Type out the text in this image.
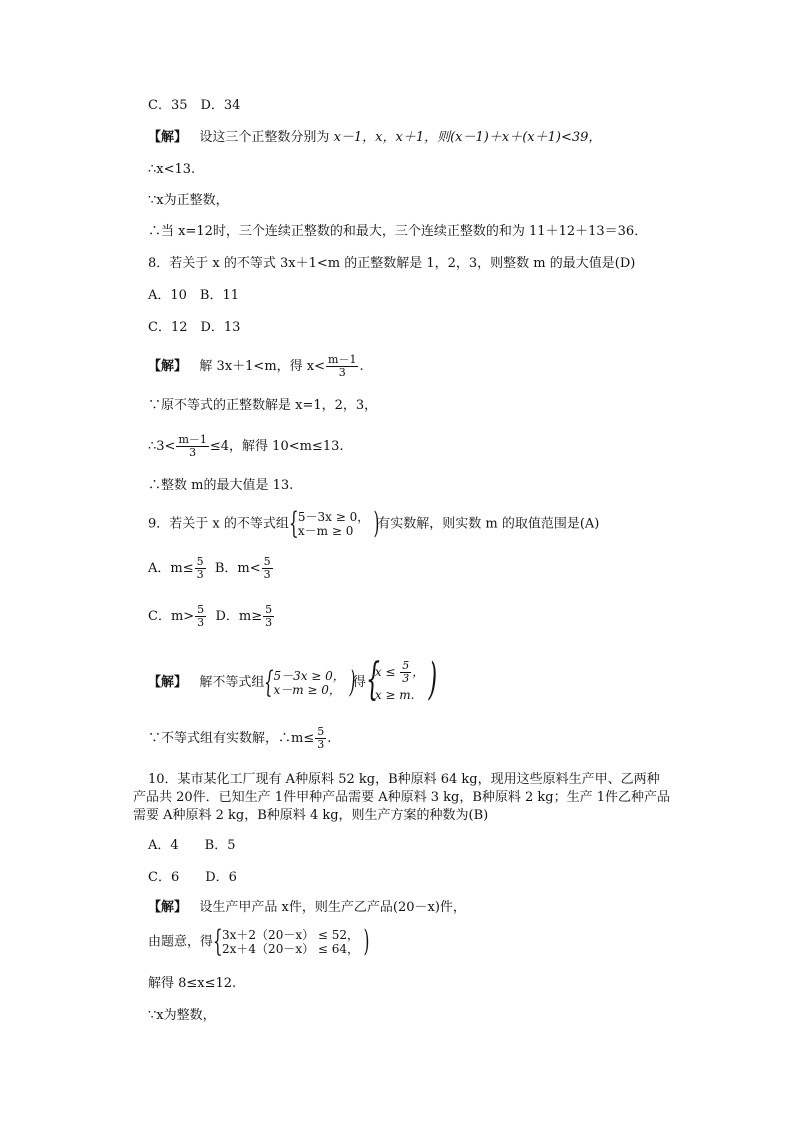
C．35　D．34
【解】 设这三个正整数分别为 x－1，x，x＋1，则(x－1)＋x＋(x＋1)<39，
∴x<13.
∵x为正整数，
∴当 x=12时，三个连续正整数的和最大，三个连续正整数的和为 11＋12＋13＝36．
8．若关于 x 的不等式 3x＋1<m 的正整数解是 1，2，3，则整数 m 的最大值是(D)
A．10　B．11
C．12　D．13
【解】 解 3x＋1<m，得 $x< \frac{m-1}{3}$ .
∵原不等式的正整数解是 x=1，2，3，
∴3< $\frac{m-1}{3} \le 4$，解得 10<m≤13.
∴整数 m的最大值是 13.
9．若关于 x 的不等式组 { 5－3x ≥ 0，
x－m ≥ 0 )
有实数解，则实数 m 的取值范围是(A)
A．$m\le \frac{5}{3}$ B．$m< \frac{5}{3}$
C．$m> \frac{5}{3}$ D．$m\ge \frac{5}{3}$
【解】 解不等式组 { 5－3x ≥ 0，
x－m ≥ 0， )
得 {
$x \le \frac{5}{3}$ ，
x ≥ m. )
∵不等式组有实数解，∴m≤ $\frac{5}{3}$ .
10．某市某化工厂现有 A种原料 52 kg，B种原料 64 kg，现用这些原料生产甲、乙两种
产品共 20件．已知生产 1件甲种产品需要 A种原料 3 kg，B种原料 2 kg；生产 1件乙种产品
需要 A种原料 2 kg，B种原料 4 kg，则生产方案的种数为(B)
A．4　　B．5
C．6　　D．6
【解】 设生产甲产品 x件，则生产乙产品(20－x)件，
由题意，得 { 3x＋2（20－x） ≤ 52，
2x＋4（20－x） ≤ 64， )
解得 8≤x≤12.
∵x为整数，
